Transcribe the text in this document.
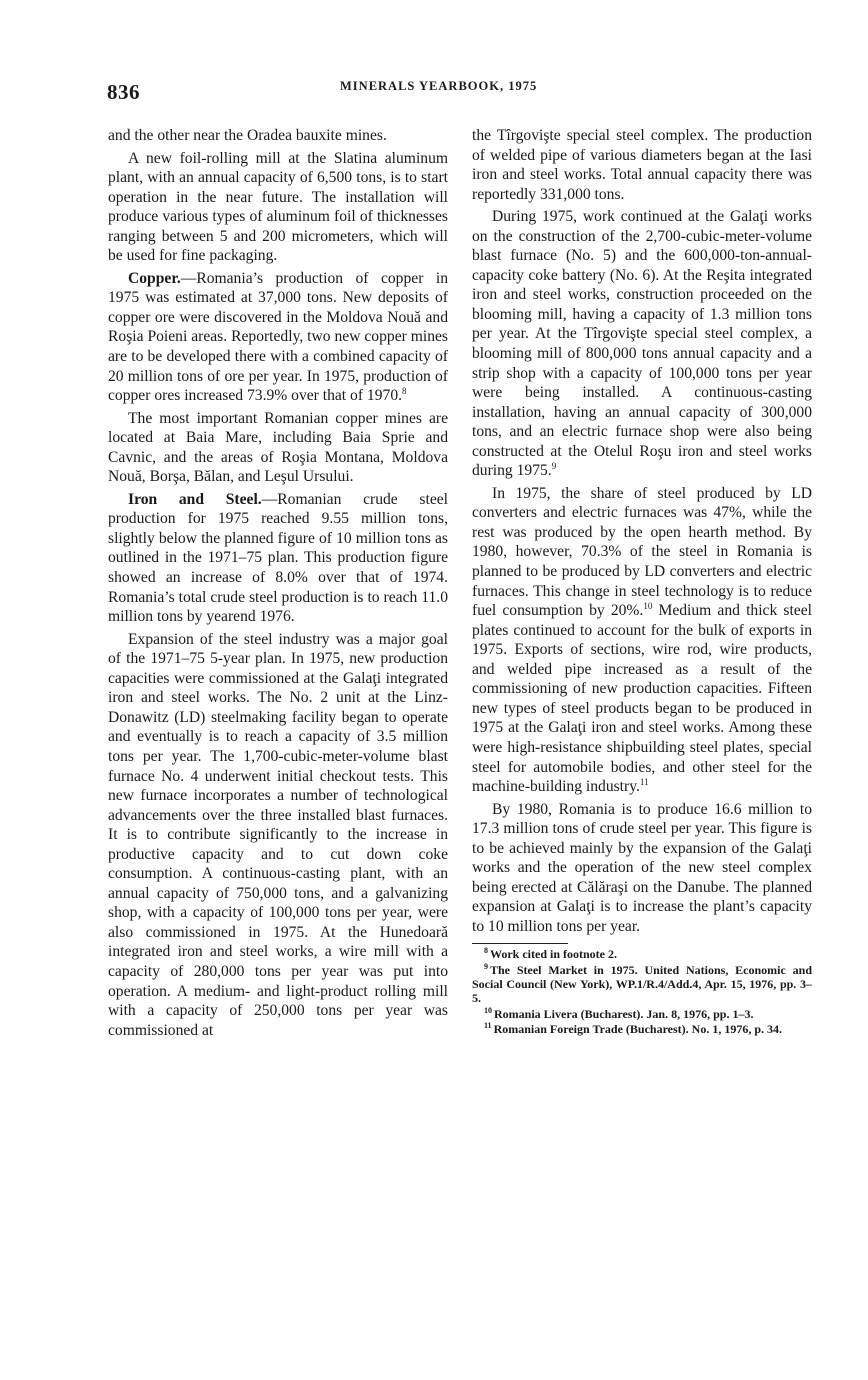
836	MINERALS YEARBOOK, 1975

and the other near the Oradea bauxite mines.

A new foil-rolling mill at the Slatina aluminum plant, with an annual capacity of 6,500 tons, is to start operation in the near future. The installation will produce various types of aluminum foil of thicknesses ranging between 5 and 200 micrometers, which will be used for fine packaging.

Copper.—Romania’s production of copper in 1975 was estimated at 37,000 tons. New deposits of copper ore were discovered in the Moldova Nouă and Roşia Poieni areas. Reportedly, two new copper mines are to be developed there with a combined capacity of 20 million tons of ore per year. In 1975, production of copper ores increased 73.9% over that of 1970.$^8$

The most important Romanian copper mines are located at Baia Mare, including Baia Sprie and Cavnic, and the areas of Roşia Montana, Moldova Nouă, Borşa, Bălan, and Leşul Ursului.

Iron and Steel.—Romanian crude steel production for 1975 reached 9.55 million tons, slightly below the planned figure of 10 million tons as outlined in the 1971–75 plan. This production figure showed an increase of 8.0% over that of 1974. Romania’s total crude steel production is to reach 11.0 million tons by yearend 1976.

Expansion of the steel industry was a major goal of the 1971–75 5-year plan. In 1975, new production capacities were commissioned at the Galaţi integrated iron and steel works. The No. 2 unit at the Linz-Donawitz (LD) steelmaking facility began to operate and eventually is to reach a capacity of 3.5 million tons per year. The 1,700-cubic-meter-volume blast furnace No. 4 underwent initial checkout tests. This new furnace incorporates a number of technological advancements over the three installed blast furnaces. It is to contribute significantly to the increase in productive capacity and to cut down coke consumption. A continuous-casting plant, with an annual capacity of 750,000 tons, and a galvanizing shop, with a capacity of 100,000 tons per year, were also commissioned in 1975. At the Hunedoară integrated iron and steel works, a wire mill with a capacity of 280,000 tons per year was put into operation. A medium- and light-product rolling mill with a capacity of 250,000 tons per year was commissioned at

the Tîrgovişte special steel complex. The production of welded pipe of various diameters began at the Iasi iron and steel works. Total annual capacity there was reportedly 331,000 tons.

During 1975, work continued at the Galaţi works on the construction of the 2,700-cubic-meter-volume blast furnace (No. 5) and the 600,000-ton-annual-capacity coke battery (No. 6). At the Reşita integrated iron and steel works, construction proceeded on the blooming mill, having a capacity of 1.3 million tons per year. At the Tîrgovişte special steel complex, a blooming mill of 800,000 tons annual capacity and a strip shop with a capacity of 100,000 tons per year were being installed. A continuous-casting installation, having an annual capacity of 300,000 tons, and an electric furnace shop were also being constructed at the Otelul Roşu iron and steel works during 1975.$^9$

In 1975, the share of steel produced by LD converters and electric furnaces was 47%, while the rest was produced by the open hearth method. By 1980, however, 70.3% of the steel in Romania is planned to be produced by LD converters and electric furnaces. This change in steel technology is to reduce fuel consumption by 20%.$^{10}$ Medium and thick steel plates continued to account for the bulk of exports in 1975. Exports of sections, wire rod, wire products, and welded pipe increased as a result of the commissioning of new production capacities. Fifteen new types of steel products began to be produced in 1975 at the Galaţi iron and steel works. Among these were high-resistance shipbuilding steel plates, special steel for automobile bodies, and other steel for the machine-building industry.$^{11}$

By 1980, Romania is to produce 16.6 million to 17.3 million tons of crude steel per year. This figure is to be achieved mainly by the expansion of the Galaţi works and the operation of the new steel complex being erected at Călăraşi on the Danube. The planned expansion at Galaţi is to increase the plant’s capacity to 10 million tons per year.

$^8$ Work cited in footnote 2.

$^9$ The Steel Market in 1975. United Nations, Economic and Social Council (New York), WP.1/R.4/Add.4, Apr. 15, 1976, pp. 3–5.

$^{10}$ Romania Livera (Bucharest). Jan. 8, 1976, pp. 1–3.

$^{11}$ Romanian Foreign Trade (Bucharest). No. 1, 1976, p. 34.
